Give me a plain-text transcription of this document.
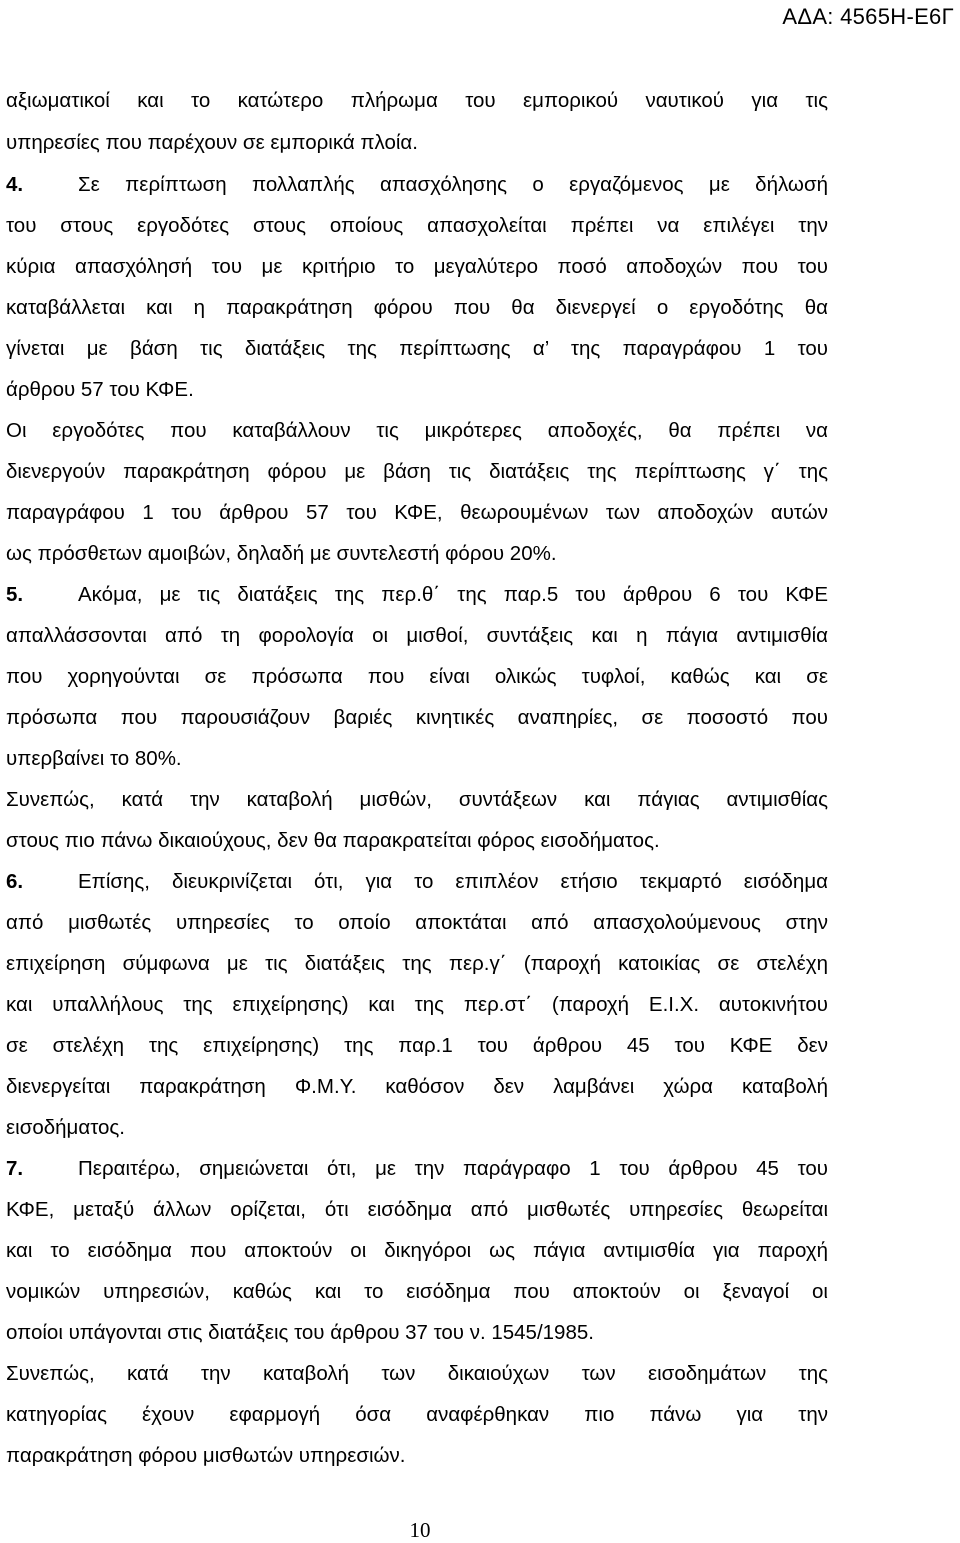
ΑΔΑ: 4565Η-Ε6Γ
αξιωματικοί και το κατώτερο πλήρωμα του εμπορικού ναυτικού για τις
υπηρεσίες που παρέχουν σε εμπορικά πλοία.
4.	Σε περίπτωση πολλαπλής απασχόλησης ο εργαζόμενος με δήλωσή
του στους εργοδότες στους οποίους απασχολείται πρέπει να επιλέγει την
κύρια απασχόλησή του με κριτήριο το μεγαλύτερο ποσό αποδοχών που του
καταβάλλεται και η παρακράτηση φόρου που θα διενεργεί ο εργοδότης θα
γίνεται με βάση τις διατάξεις της περίπτωσης α’ της παραγράφου 1 του
άρθρου 57 του ΚΦΕ.
Οι εργοδότες που καταβάλλουν τις μικρότερες αποδοχές, θα πρέπει να
διενεργούν παρακράτηση φόρου με βάση τις διατάξεις της περίπτωσης γ΄ της
παραγράφου 1 του άρθρου 57 του ΚΦΕ, θεωρουμένων των αποδοχών αυτών
ως πρόσθετων αμοιβών, δηλαδή με συντελεστή φόρου 20%.
5.	Ακόμα, με τις διατάξεις της περ.θ΄ της παρ.5 του άρθρου 6 του ΚΦΕ
απαλλάσσονται από τη φορολογία οι μισθοί, συντάξεις και η πάγια αντιμισθία
που χορηγούνται σε πρόσωπα που είναι ολικώς τυφλοί, καθώς και σε
πρόσωπα που παρουσιάζουν βαριές κινητικές αναπηρίες, σε ποσοστό που
υπερβαίνει το 80%.
Συνεπώς, κατά την καταβολή μισθών, συντάξεων και πάγιας αντιμισθίας
στους πιο πάνω δικαιούχους, δεν θα παρακρατείται φόρος εισοδήματος.
6.	Επίσης, διευκρινίζεται ότι, για το επιπλέον ετήσιο τεκμαρτό εισόδημα
από μισθωτές υπηρεσίες το οποίο αποκτάται από απασχολούμενους στην
επιχείρηση σύμφωνα με τις διατάξεις της περ.γ΄ (παροχή κατοικίας σε στελέχη
και υπαλλήλους της επιχείρησης) και της περ.στ΄ (παροχή Ε.Ι.Χ. αυτοκινήτου
σε στελέχη της επιχείρησης) της παρ.1 του άρθρου 45 του ΚΦΕ δεν
διενεργείται παρακράτηση Φ.Μ.Υ. καθόσον δεν λαμβάνει χώρα καταβολή
εισοδήματος.
7.	Περαιτέρω, σημειώνεται ότι, με την παράγραφο 1 του άρθρου 45 του
ΚΦΕ, μεταξύ άλλων ορίζεται, ότι εισόδημα από μισθωτές υπηρεσίες θεωρείται
και το εισόδημα που αποκτούν οι δικηγόροι ως πάγια αντιμισθία για παροχή
νομικών υπηρεσιών, καθώς και το εισόδημα που αποκτούν οι ξεναγοί οι
οποίοι υπάγονται στις διατάξεις του άρθρου 37 του ν. 1545/1985.
Συνεπώς, κατά την καταβολή των δικαιούχων των εισοδημάτων της
κατηγορίας έχουν εφαρμογή όσα αναφέρθηκαν πιο πάνω για την
παρακράτηση φόρου μισθωτών υπηρεσιών.
10
